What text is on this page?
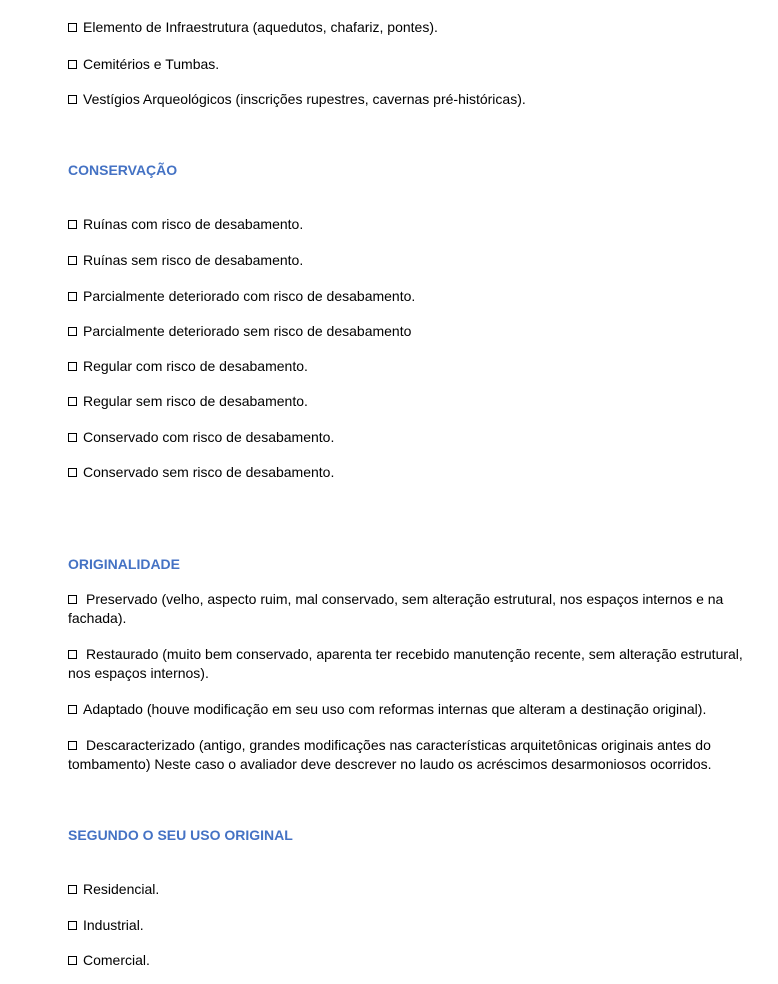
Elemento de Infraestrutura (aquedutos, chafariz, pontes).
Cemitérios e Tumbas.
Vestígios Arqueológicos (inscrições rupestres, cavernas pré-históricas).
CONSERVAÇÃO
Ruínas com risco de desabamento.
Ruínas sem risco de desabamento.
Parcialmente deteriorado com risco de desabamento.
Parcialmente deteriorado sem risco de desabamento
Regular com risco de desabamento.
Regular sem risco de desabamento.
Conservado com risco de desabamento.
Conservado sem risco de desabamento.
ORIGINALIDADE
Preservado (velho, aspecto ruim, mal conservado, sem alteração estrutural, nos espaços internos e na fachada).
Restaurado (muito bem conservado, aparenta ter recebido manutenção recente, sem alteração estrutural, nos espaços internos).
Adaptado (houve modificação em seu uso com reformas internas que alteram a destinação original).
Descaracterizado (antigo, grandes modificações nas características arquitetônicas originais antes do tombamento) Neste caso o avaliador deve descrever no laudo os acréscimos desarmoniosos ocorridos.
SEGUNDO O SEU USO ORIGINAL
Residencial.
Industrial.
Comercial.
